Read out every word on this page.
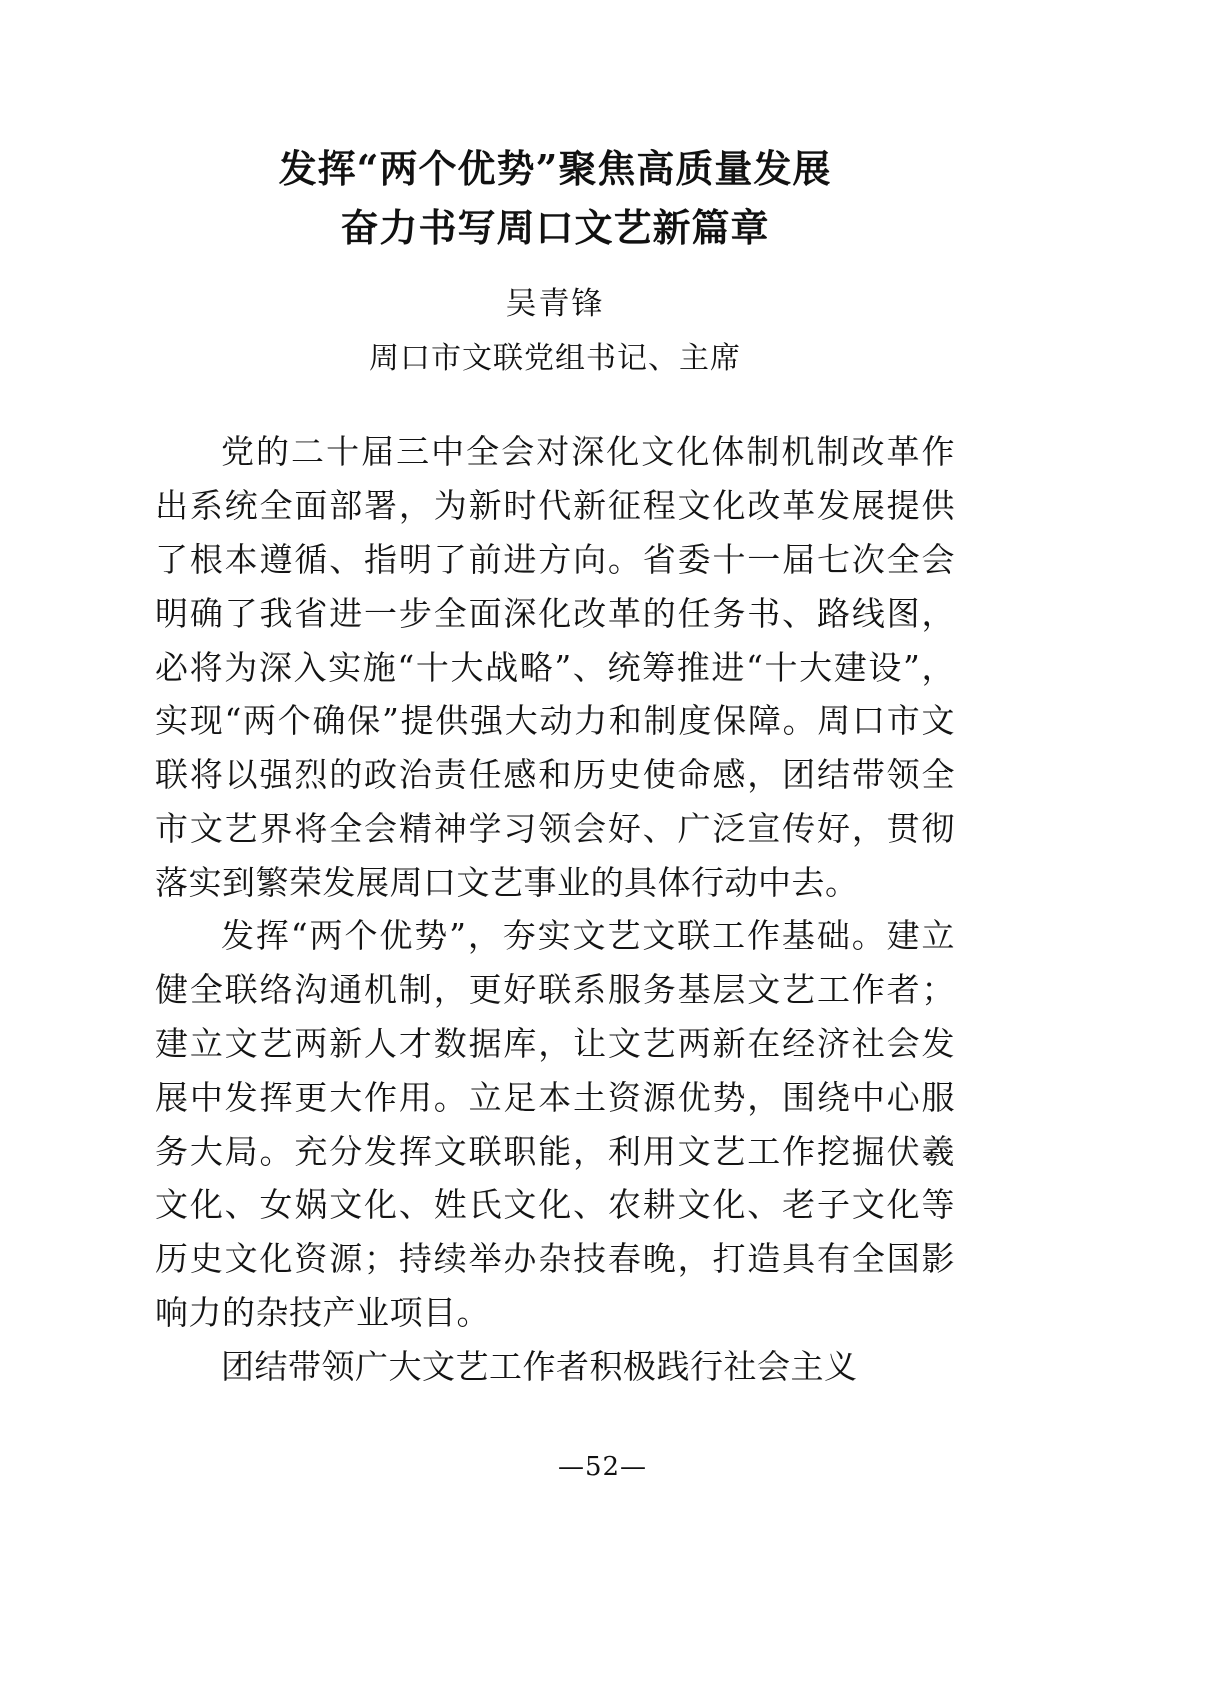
发挥“两个优势”聚焦高质量发展
奋力书写周口文艺新篇章
吴青锋
周口市文联党组书记、主席

党的二十届三中全会对深化文化体制机制改革作出系统全面部署，为新时代新征程文化改革发展提供了根本遵循、指明了前进方向。省委十一届七次全会明确了我省进一步全面深化改革的任务书、路线图，必将为深入实施“十大战略”、统筹推进“十大建设”，实现“两个确保”提供强大动力和制度保障。周口市文联将以强烈的政治责任感和历史使命感，团结带领全市文艺界将全会精神学习领会好、广泛宣传好，贯彻落实到繁荣发展周口文艺事业的具体行动中去。

发挥“两个优势”，夯实文艺文联工作基础。建立健全联络沟通机制，更好联系服务基层文艺工作者；建立文艺两新人才数据库，让文艺两新在经济社会发展中发挥更大作用。立足本土资源优势，围绕中心服务大局。充分发挥文联职能，利用文艺工作挖掘伏羲文化、女娲文化、姓氏文化、农耕文化、老子文化等历史文化资源；持续举办杂技春晚，打造具有全国影响力的杂技产业项目。

团结带领广大文艺工作者积极践行社会主义

—52—
